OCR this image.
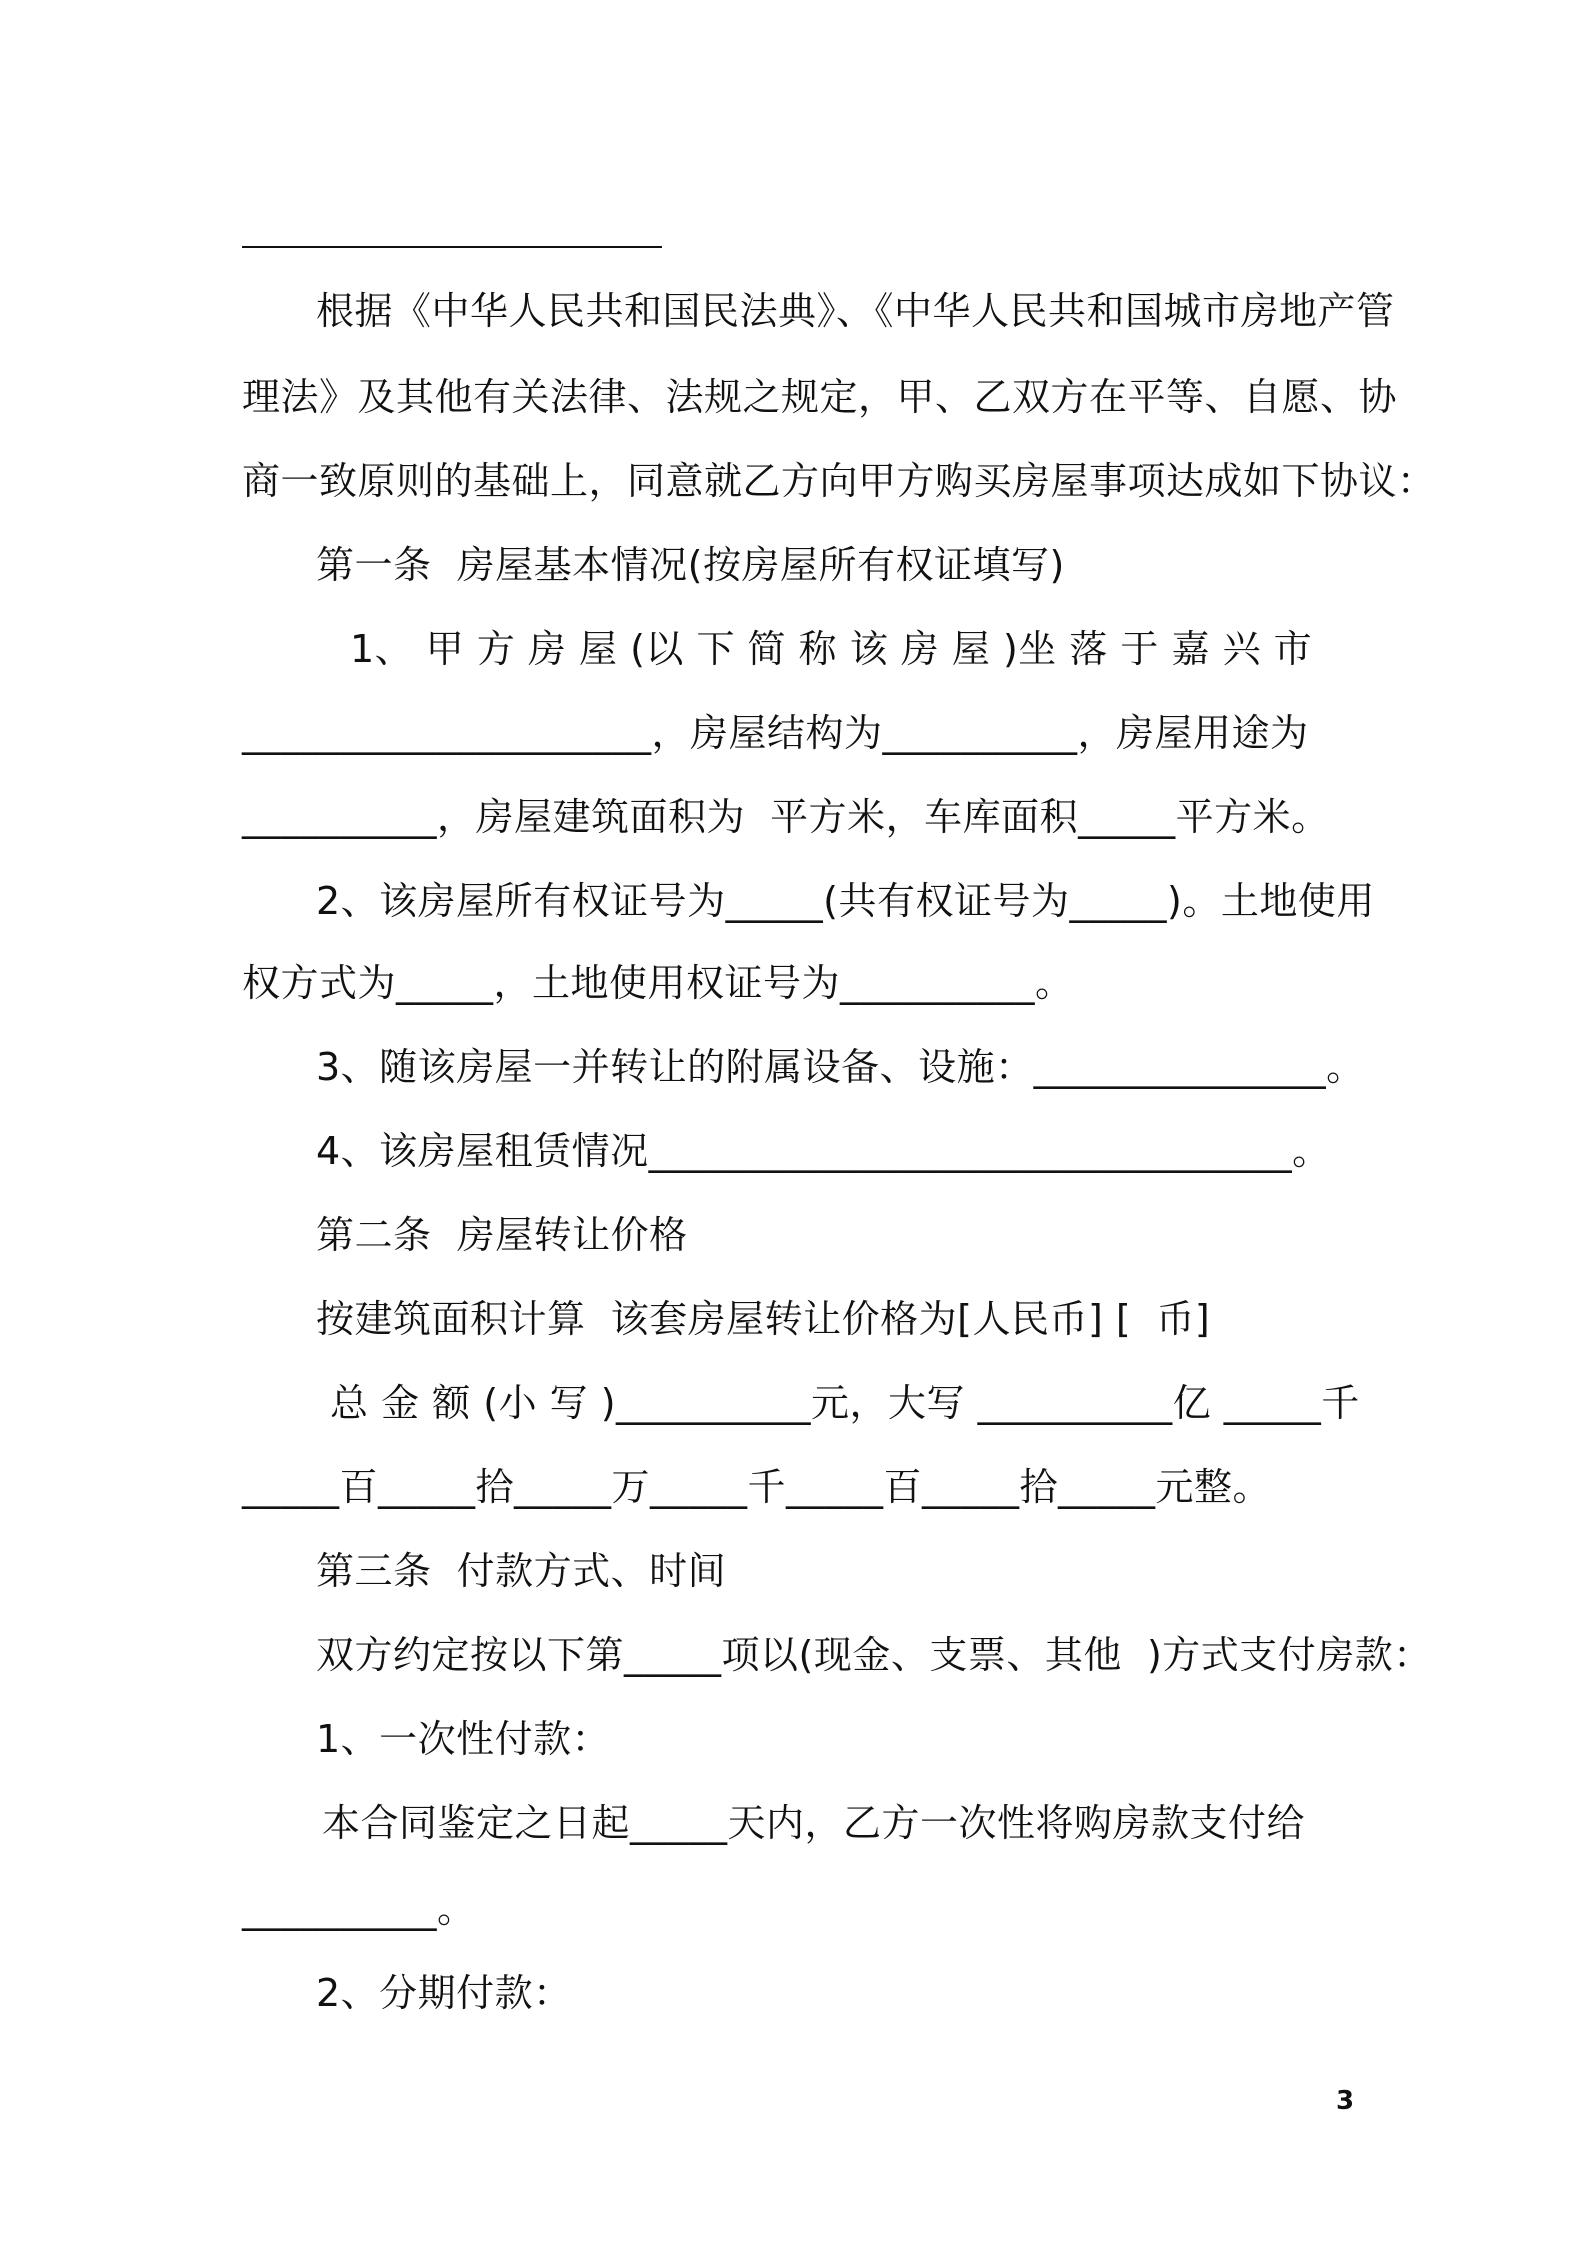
根据《中华人民共和国民法典》、《中华人民共和国城市房地产管
理法》及其他有关法律、法规之规定，甲、乙双方在平等、自愿、协
商一致原则的基础上，同意就乙方向甲方购买房屋事项达成如下协议：
第一条  房屋基本情况(按房屋所有权证填写)
1、 甲 方 房 屋 (以 下 简 称 该 房 屋 )坐 落 于 嘉 兴 市
_____________________，房屋结构为__________，房屋用途为
__________，房屋建筑面积为  平方米，车库面积_____平方米。
2、该房屋所有权证号为_____(共有权证号为_____)。土地使用
权方式为_____，土地使用权证号为__________。
3、随该房屋一并转让的附属设备、设施：_______________。
4、该房屋租赁情况_________________________________。
第二条  房屋转让价格
按建筑面积计算  该套房屋转让价格为[人民币] [  币]
总 金 额 (小 写 )__________元，大写 __________亿 _____千
_____百_____拾_____万_____千_____百_____拾_____元整。
第三条  付款方式、时间
双方约定按以下第_____项以(现金、支票、其他  )方式支付房款：
1、一次性付款：
本合同鉴定之日起_____天内，乙方一次性将购房款支付给
__________。
2、分期付款：
3
